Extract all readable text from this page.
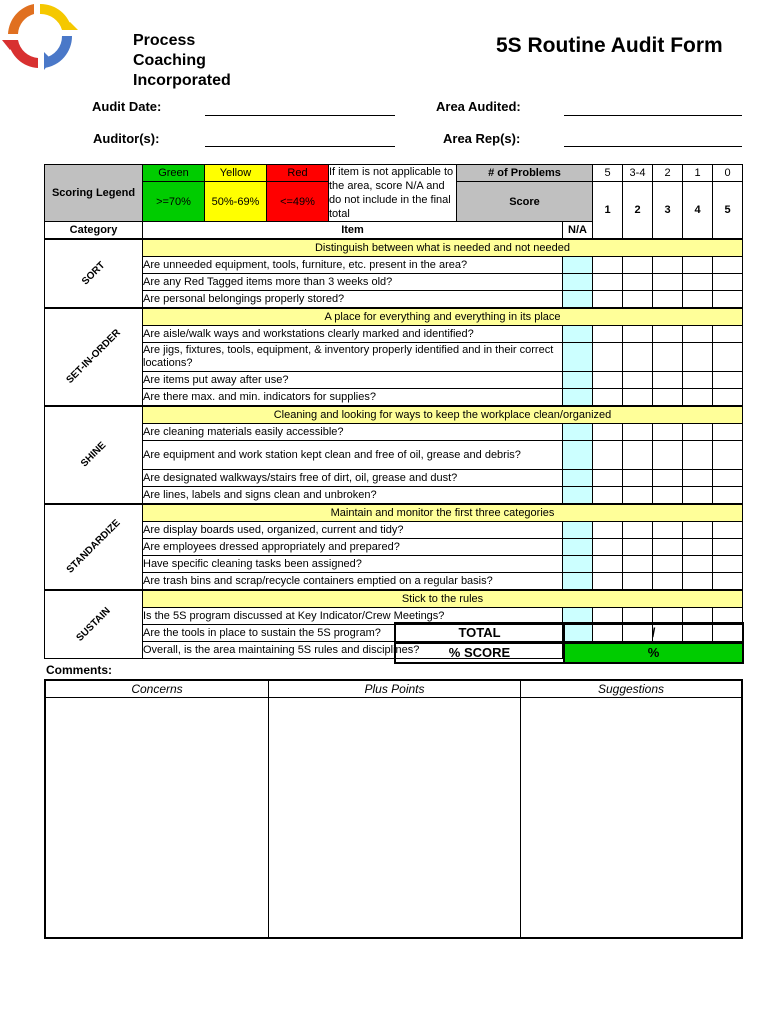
Process
Coaching
Incorporated
5S Routine Audit Form
Audit Date:	Area Audited:
Auditor(s):	Area Rep(s):
Scoring Legend	Green	Yellow	Red	If item is not applicable to the area, score N/A and do not include in the final total	# of Problems		5	3-4	2	1	0
	>=70%	50%-69%	<=49%		Score		1	2	3	4	5
Category	Item					N/A					

SORT	Distinguish between what is needed and not needed										
	Are unneeded equipment, tools, furniture, etc. present in the area?										
	Are any Red Tagged items more than 3 weeks old?										
	Are personal belongings properly stored?										

SET-IN-ORDER	A place for everything and everything in its place										
	Are aisle/walk ways and workstations clearly marked and identified?										
	Are jigs, fixtures, tools, equipment, & inventory properly identified and in their correct locations?										
	Are items put away after use?										
	Are there max. and min. indicators for supplies?										

SHINE	Cleaning and looking for ways to keep the workplace clean/organized										
	Are cleaning materials easily accessible?										
	Are equipment and work station kept clean and free of oil, grease and debris?										
	Are designated walkways/stairs free of dirt, oil, grease and dust?										
	Are lines, labels and signs clean and unbroken?										

STANDARDIZE	Maintain and monitor the first three categories										
	Are display boards used, organized, current and tidy?										
	Are employees dressed appropriately and prepared?										
	Have specific cleaning tasks been assigned?										
	Are trash bins and scrap/recycle containers emptied on a regular basis?										

SUSTAIN	Stick to the rules										
	Is the 5S program discussed at Key Indicator/Crew Meetings?										
	Are the tools in place to sustain the 5S program?										
	Overall, is the area maintaining 5S rules and disciplines?										
TOTAL	/
% SCORE	%
Comments:
Concerns	Plus Points	Suggestions
